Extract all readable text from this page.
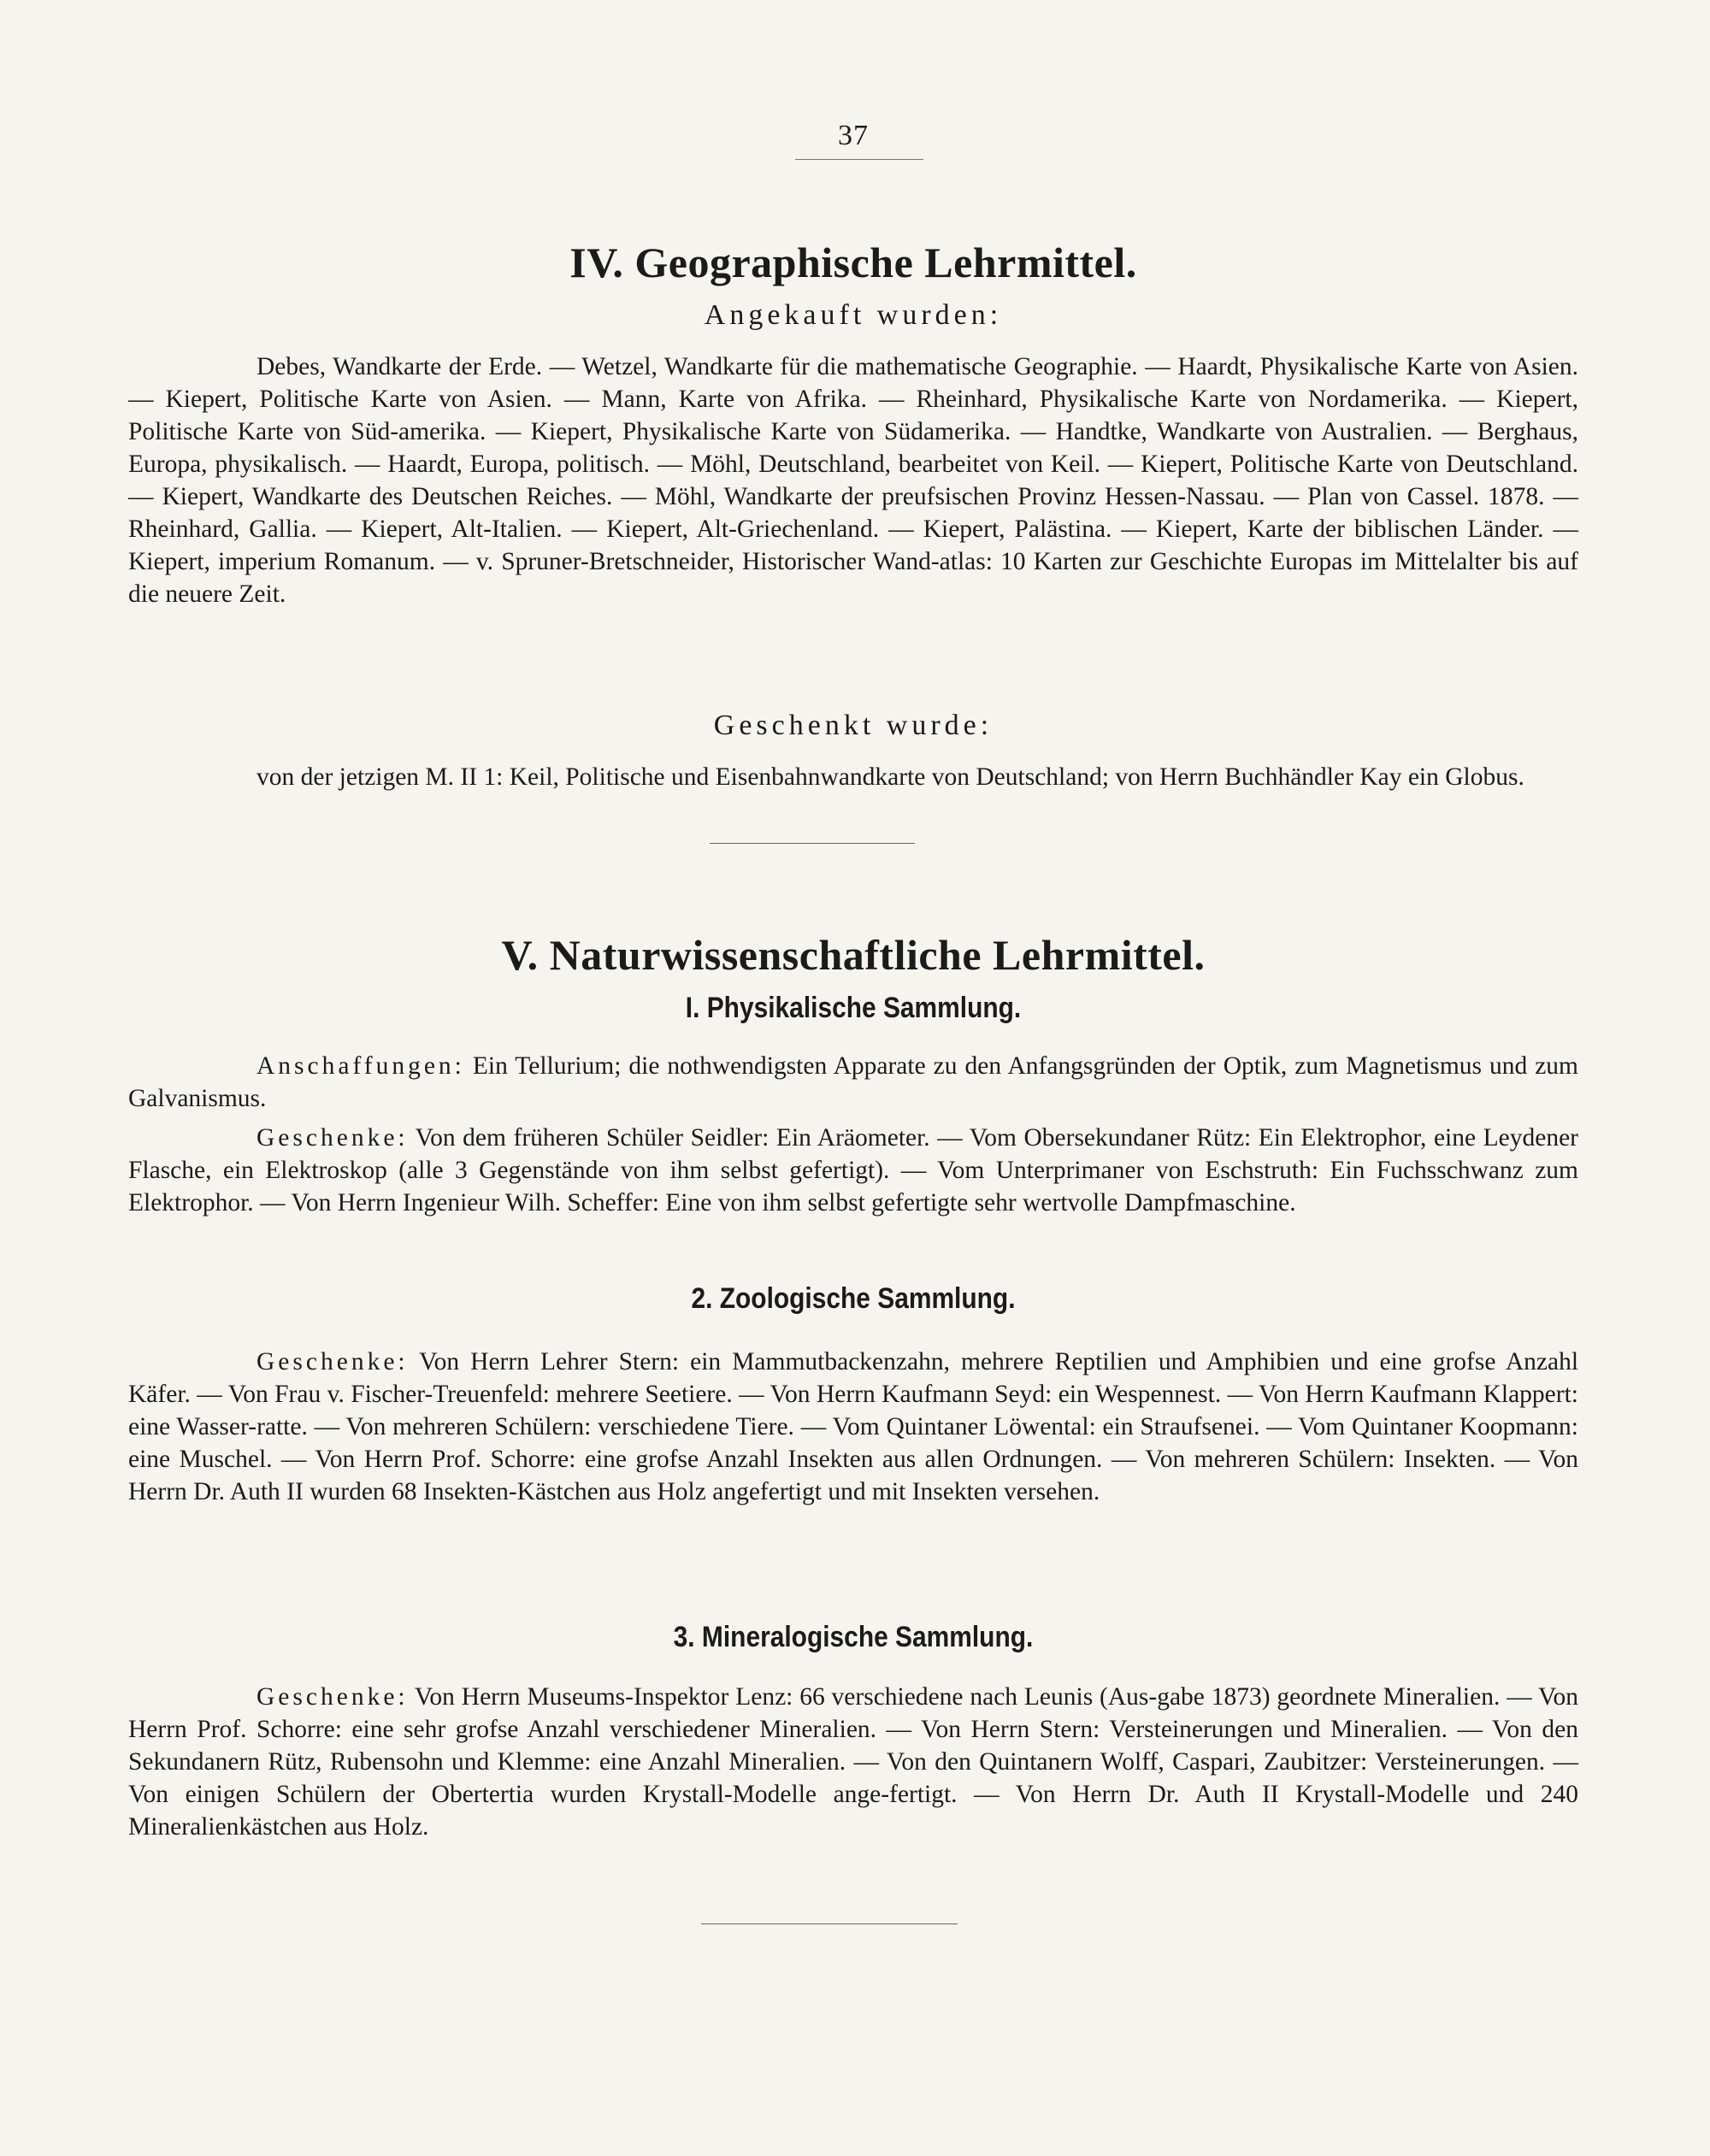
37
IV. Geographische Lehrmittel.

Angekauft wurden:

Debes, Wandkarte der Erde. — Wetzel, Wandkarte für die mathematische Geographie. — Haardt, Physikalische Karte von Asien. — Kiepert, Politische Karte von Asien. — Mann, Karte von Afrika. — Rheinhard, Physikalische Karte von Nordamerika. — Kiepert, Politische Karte von Süd-amerika. — Kiepert, Physikalische Karte von Südamerika. — Handtke, Wandkarte von Australien. — Berghaus, Europa, physikalisch. — Haardt, Europa, politisch. — Möhl, Deutschland, bearbeitet von Keil. — Kiepert, Politische Karte von Deutschland. — Kiepert, Wandkarte des Deutschen Reiches. — Möhl, Wandkarte der preufsischen Provinz Hessen-Nassau. — Plan von Cassel. 1878. — Rheinhard, Gallia. — Kiepert, Alt-Italien. — Kiepert, Alt-Griechenland. — Kiepert, Palästina. — Kiepert, Karte der biblischen Länder. — Kiepert, imperium Romanum. — v. Spruner-Bretschneider, Historischer Wand-atlas: 10 Karten zur Geschichte Europas im Mittelalter bis auf die neuere Zeit.

Geschenkt wurde:

von der jetzigen M. II 1: Keil, Politische und Eisenbahnwandkarte von Deutschland; von Herrn Buchhändler Kay ein Globus.

V. Naturwissenschaftliche Lehrmittel.

I. Physikalische Sammlung.

Anschaffungen: Ein Tellurium; die nothwendigsten Apparate zu den Anfangsgründen der Optik, zum Magnetismus und zum Galvanismus.

Geschenke: Von dem früheren Schüler Seidler: Ein Aräometer. — Vom Obersekundaner Rütz: Ein Elektrophor, eine Leydener Flasche, ein Elektroskop (alle 3 Gegenstände von ihm selbst gefertigt). — Vom Unterprimaner von Eschstruth: Ein Fuchsschwanz zum Elektrophor. — Von Herrn Ingenieur Wilh. Scheffer: Eine von ihm selbst gefertigte sehr wertvolle Dampfmaschine.

2. Zoologische Sammlung.

Geschenke: Von Herrn Lehrer Stern: ein Mammutbackenzahn, mehrere Reptilien und Amphibien und eine grofse Anzahl Käfer. — Von Frau v. Fischer-Treuenfeld: mehrere Seetiere. — Von Herrn Kaufmann Seyd: ein Wespennest. — Von Herrn Kaufmann Klappert: eine Wasser-ratte. — Von mehreren Schülern: verschiedene Tiere. — Vom Quintaner Löwental: ein Straufsenei. — Vom Quintaner Koopmann: eine Muschel. — Von Herrn Prof. Schorre: eine grofse Anzahl Insekten aus allen Ordnungen. — Von mehreren Schülern: Insekten. — Von Herrn Dr. Auth II wurden 68 Insekten-Kästchen aus Holz angefertigt und mit Insekten versehen.

3. Mineralogische Sammlung.

Geschenke: Von Herrn Museums-Inspektor Lenz: 66 verschiedene nach Leunis (Aus-gabe 1873) geordnete Mineralien. — Von Herrn Prof. Schorre: eine sehr grofse Anzahl verschiedener Mineralien. — Von Herrn Stern: Versteinerungen und Mineralien. — Von den Sekundanern Rütz, Rubensohn und Klemme: eine Anzahl Mineralien. — Von den Quintanern Wolff, Caspari, Zaubitzer: Versteinerungen. — Von einigen Schülern der Obertertia wurden Krystall-Modelle ange-fertigt. — Von Herrn Dr. Auth II Krystall-Modelle und 240 Mineralienkästchen aus Holz.
